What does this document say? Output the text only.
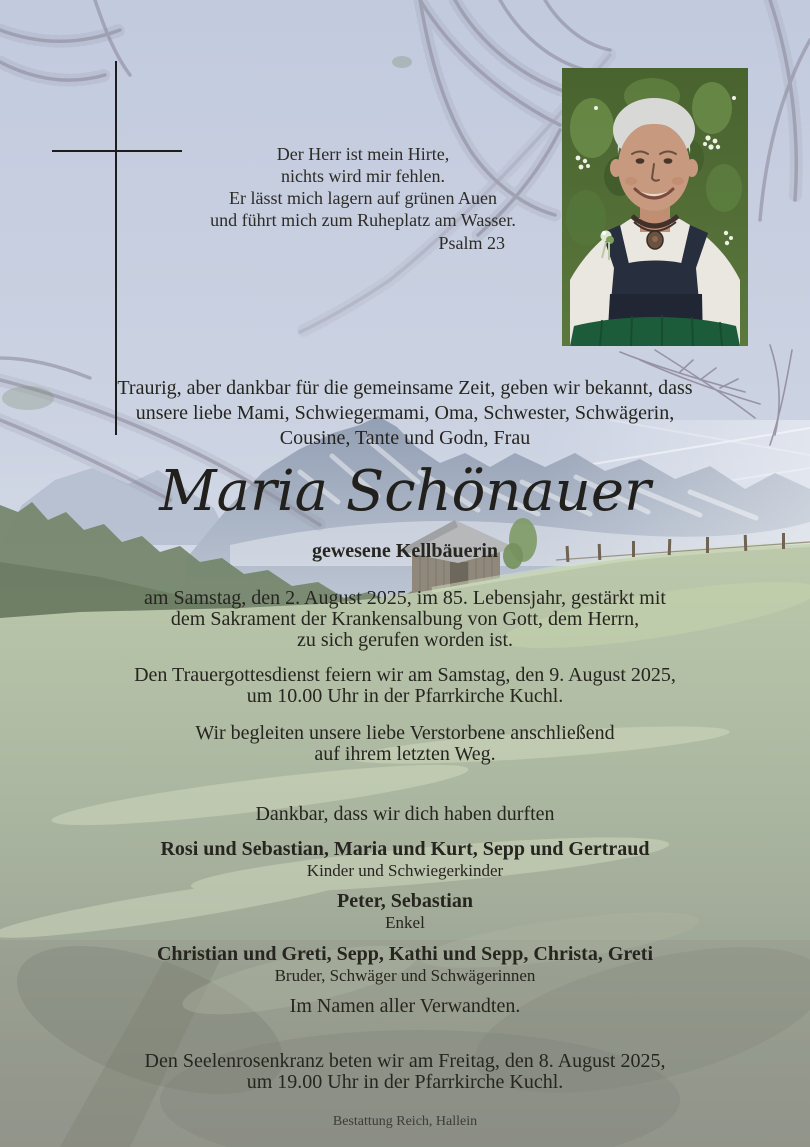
Der Herr ist mein Hirte,
nichts wird mir fehlen.
Er lässt mich lagern auf grünen Auen
und führt mich zum Ruheplatz am Wasser.
Psalm 23
Traurig, aber dankbar für die gemeinsame Zeit, geben wir bekannt, dass
unsere liebe Mami, Schwiegermami, Oma, Schwester, Schwägerin,
Cousine, Tante und Godn, Frau
Maria Schönauer
gewesene Kellbäuerin
am Samstag, den 2. August 2025, im 85. Lebensjahr, gestärkt mit
dem Sakrament der Krankensalbung von Gott, dem Herrn,
zu sich gerufen worden ist.
Den Trauergottesdienst feiern wir am Samstag, den 9. August 2025,
um 10.00 Uhr in der Pfarrkirche Kuchl.
Wir begleiten unsere liebe Verstorbene anschließend
auf ihrem letzten Weg.
Dankbar, dass wir dich haben durften
Rosi und Sebastian, Maria und Kurt, Sepp und Gertraud
Kinder und Schwiegerkinder
Peter, Sebastian
Enkel
Christian und Greti, Sepp, Kathi und Sepp, Christa, Greti
Bruder, Schwäger und Schwägerinnen
Im Namen aller Verwandten.
Den Seelenrosenkranz beten wir am Freitag, den 8. August 2025,
um 19.00 Uhr in der Pfarrkirche Kuchl.
Bestattung Reich, Hallein
